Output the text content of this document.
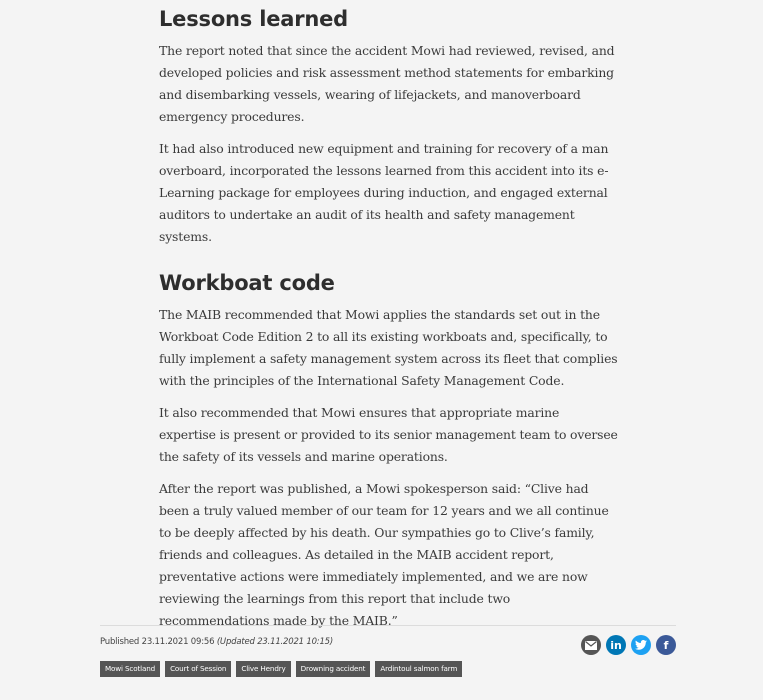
Lessons learned

The report noted that since the accident Mowi had reviewed, revised, and developed policies and risk assessment method statements for embarking and disembarking vessels, wearing of lifejackets, and manoverboard emergency procedures.

It had also introduced new equipment and training for recovery of a man overboard, incorporated the lessons learned from this accident into its e-Learning package for employees during induction, and engaged external auditors to undertake an audit of its health and safety management systems.

Workboat code

The MAIB recommended that Mowi applies the standards set out in the Workboat Code Edition 2 to all its existing workboats and, specifically, to fully implement a safety management system across its fleet that complies with the principles of the International Safety Management Code.

It also recommended that Mowi ensures that appropriate marine expertise is present or provided to its senior management team to oversee the safety of its vessels and marine operations.

After the report was published, a Mowi spokesperson said: “Clive had been a truly valued member of our team for 12 years and we all continue to be deeply affected by his death. Our sympathies go to Clive’s family, friends and colleagues. As detailed in the MAIB accident report, preventative actions were immediately implemented, and we are now reviewing the learnings from this report that include two recommendations made by the MAIB.”

Published 23.11.2021 09:56 (Updated 23.11.2021 10:15)	in	f
Mowi Scotland	Court of Session	Clive Hendry	Drowning accident	Ardintoul salmon farm
